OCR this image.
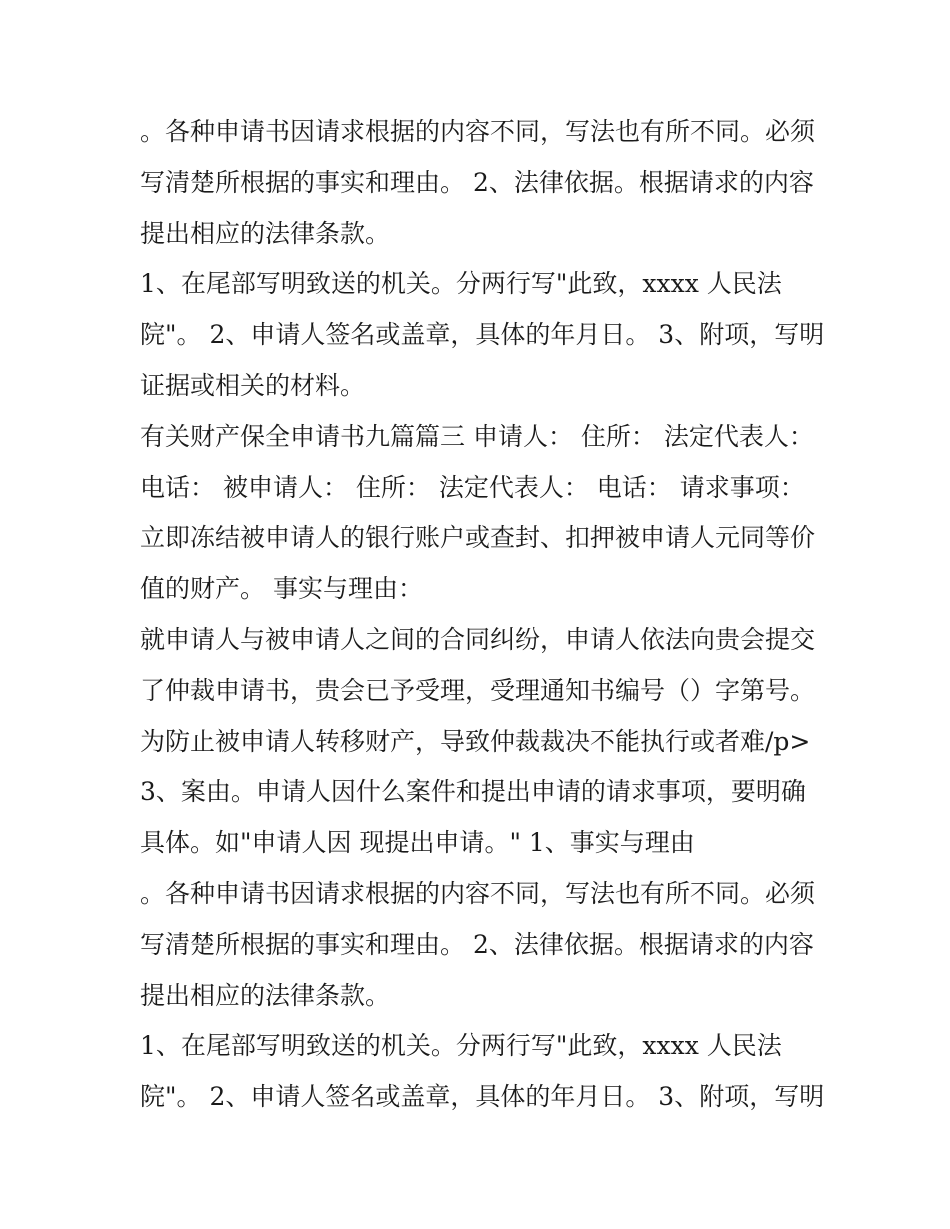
。各种申请书因请求根据的内容不同，写法也有所不同。必须
写清楚所根据的事实和理由。 2、法律依据。根据请求的内容
提出相应的法律条款。
1、在尾部写明致送的机关。分两行写"此致，xxxx 人民法
院"。 2、申请人签名或盖章，具体的年月日。 3、附项，写明
证据或相关的材料。
有关财产保全申请书九篇篇三 申请人： 住所： 法定代表人：
电话： 被申请人： 住所： 法定代表人： 电话： 请求事项：
立即冻结被申请人的银行账户或查封、扣押被申请人元同等价
值的财产。 事实与理由：
就申请人与被申请人之间的合同纠纷，申请人依法向贵会提交
了仲裁申请书，贵会已予受理，受理通知书编号（）字第号。
为防止被申请人转移财产，导致仲裁裁决不能执行或者难/p>
3、案由。申请人因什么案件和提出申请的请求事项，要明确
具体。如"申请人因 现提出申请。" 1、事实与理由
。各种申请书因请求根据的内容不同，写法也有所不同。必须
写清楚所根据的事实和理由。 2、法律依据。根据请求的内容
提出相应的法律条款。
1、在尾部写明致送的机关。分两行写"此致，xxxx 人民法
院"。 2、申请人签名或盖章，具体的年月日。 3、附项，写明
